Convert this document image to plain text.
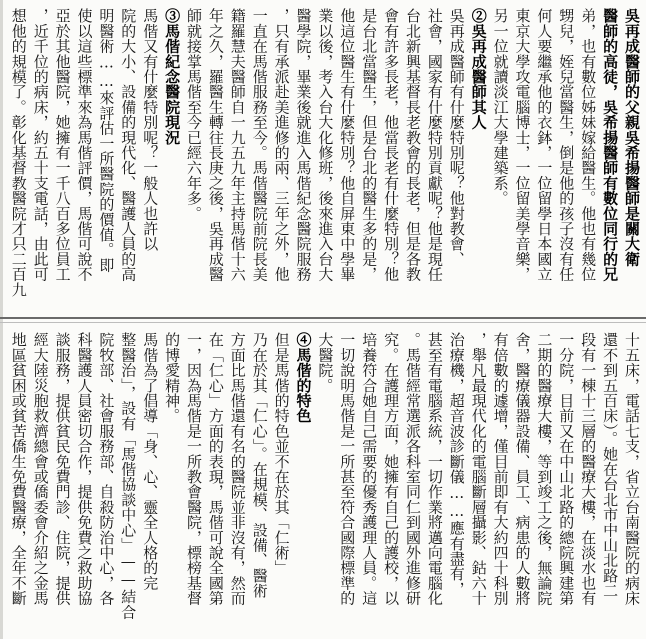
吳再成醫師的父親吳希揚醫師是關大衛
醫師的高徒，吳希揚醫師有數位同行的兄
弟，也有數位姊妹嫁給醫生。他也有幾位
甥兒，姪兒當醫生，倒是他的孩子沒有任
何人要繼承他的衣鉢，一位留學日本國立
東京大學攻電腦博士，一位留美學音樂，
另一位就讀淡江大學建築系。
②吳再成醫師其人
吳再成醫師有什麼特別呢？他對教會、
社會，國家有什麼特別貢獻呢？他是現任
台北新興基督長老教會的長老，但是各教
會有許多長老，他當長老有什麼特別？他
是台北當醫生，但是台北的醫生多的是，
他這位醫生有什麼特別？他自屏東中學畢
業以後，考入台大化修班，後來進入台大
醫學院，畢業後就進入馬偕紀念醫院服務
，只有承派赴美進修的兩、三年之外，他
一直在馬偕服務至今。馬偕醫院前院長美
籍羅慧夫醫師自一九五九年主持馬偕十六
年之久，羅醫生轉往長庚之後，吳再成醫
師就接掌馬偕至今已經六年多。
③馬偕紀念醫院現況
馬偕又有什麼特別呢？一般人也許以
院的大小、設備的現代化、醫護人員的高
明醫術……來評估一所醫院的價值。即
使以這些標準來為馬偕評價，馬偕可說不
亞於其他醫院，她擁有一千八百多位員工
，近千位的病床，約五十支電話，由此可
想他的規模了。彰化基督教醫院才只二百九
十五床，電話七支，省立台南醫院的病床
還不到五百床）。她在台北市中山北路二
段有一棟十三層的醫療大樓，在淡水也有
一分院，目前又在中山北路的總院興建第
二期的醫療大樓，等到竣工之後，無論院
舍，醫療儀器設備、員工、病患的人數將
有倍數的遽增，僅目前即有大約四十科別
，舉凡最現代化的電腦斷層攝影、鈷六十
治療機，超音波診斷儀……應有盡有，
甚至有電腦系統，一切作業將邁向電腦化
。馬偕經常選派各科室同仁到國外進修研
究。在護理方面，她擁有自己的護校，以
培養符合她自己需要的優秀護理人員。這
一切說明馬偕是一所甚至符合國際標準的
大醫院。
④馬偕的特色
但是馬偕的特色並不在於其「仁術」
乃在於其「仁心」。在規模、設備、醫術
方面比馬偕還有名的醫院並非沒有，然而
在「仁心」方面的表現，馬偕可說全國第
一，因為馬偕是一所教會醫院，標榜基督
的博愛精神。
馬偕為了倡導「身、心、靈全人格的完
整醫治」，設有「馬偕協談中心」——結合
院牧部、社會服務部、自殺防治中心，各
科醫護人員密切合作，提供免費之救助協
談服務，提供貧民免費門診、住院，提供
經大陸災胞救濟總會或僑委會介紹之金馬
地區貧困或貧苦僑生免費醫療，全年不斷
